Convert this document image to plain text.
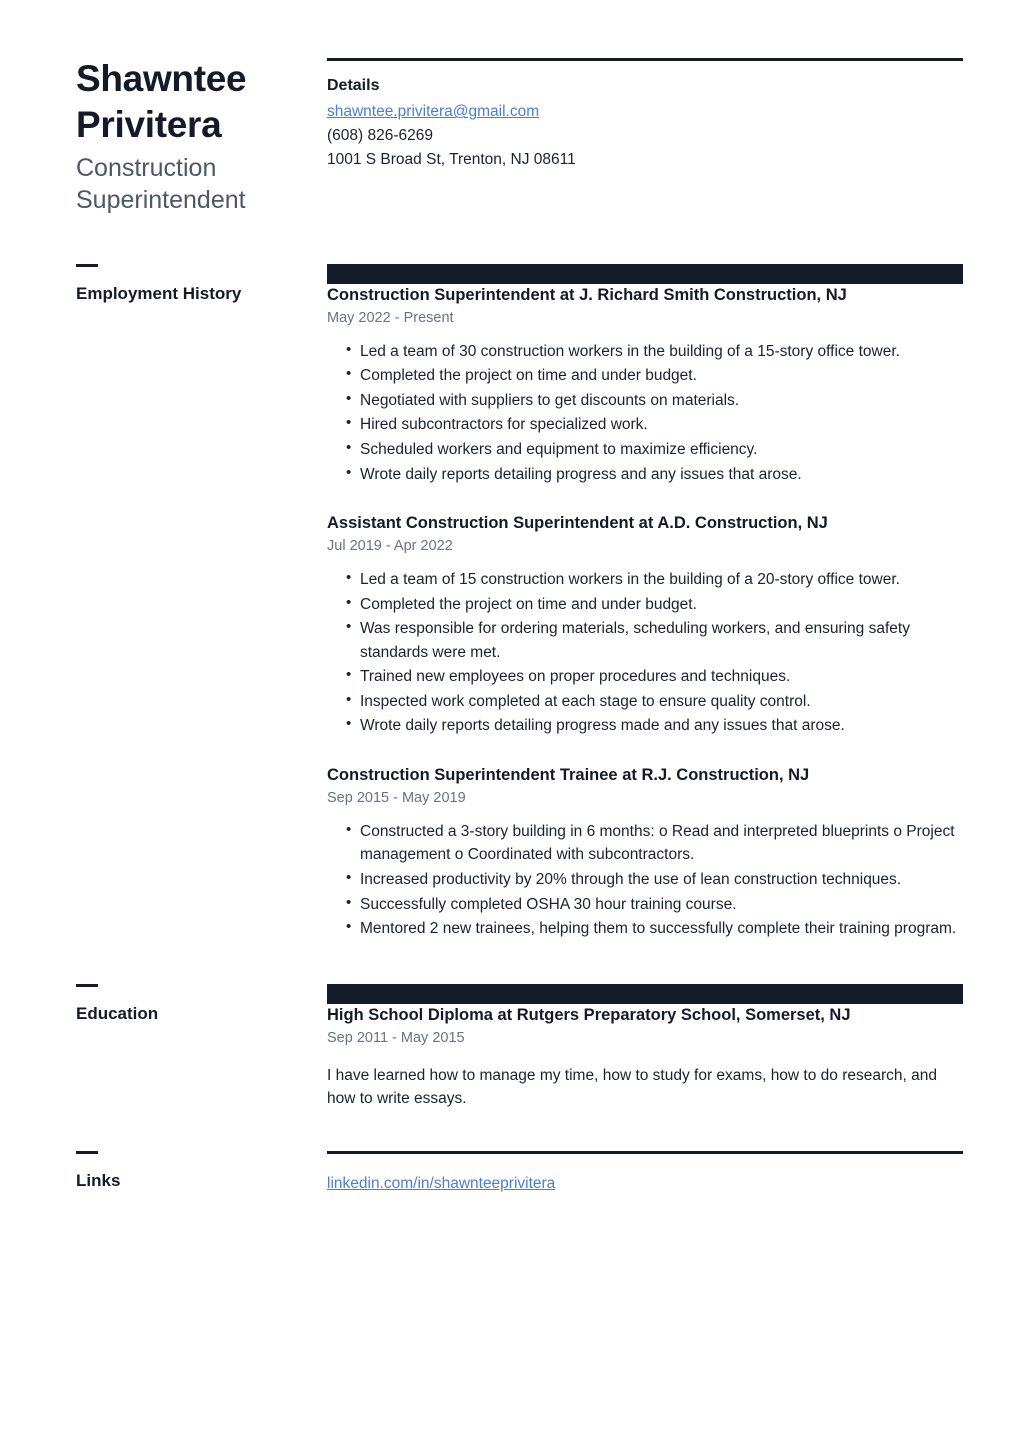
Shawntee Privitera
Construction Superintendent
Details
shawntee.privitera@gmail.com
(608) 826-6269
1001 S Broad St, Trenton, NJ 08611
Employment History	Construction Superintendent at J. Richard Smith Construction, NJ
May 2022 - Present
• Led a team of 30 construction workers in the building of a 15-story office tower.
• Completed the project on time and under budget.
• Negotiated with suppliers to get discounts on materials.
• Hired subcontractors for specialized work.
• Scheduled workers and equipment to maximize efficiency.
• Wrote daily reports detailing progress and any issues that arose.
Assistant Construction Superintendent at A.D. Construction, NJ
Jul 2019 - Apr 2022
• Led a team of 15 construction workers in the building of a 20-story office tower.
• Completed the project on time and under budget.
• Was responsible for ordering materials, scheduling workers, and ensuring safety standards were met.
• Trained new employees on proper procedures and techniques.
• Inspected work completed at each stage to ensure quality control.
• Wrote daily reports detailing progress made and any issues that arose.
Construction Superintendent Trainee at R.J. Construction, NJ
Sep 2015 - May 2019
• Constructed a 3-story building in 6 months: o Read and interpreted blueprints o Project management o Coordinated with subcontractors.
• Increased productivity by 20% through the use of lean construction techniques.
• Successfully completed OSHA 30 hour training course.
• Mentored 2 new trainees, helping them to successfully complete their training program.
Education	High School Diploma at Rutgers Preparatory School, Somerset, NJ
Sep 2011 - May 2015

I have learned how to manage my time, how to study for exams, how to do research, and how to write essays.

Links	linkedin.com/in/shawnteeprivitera
